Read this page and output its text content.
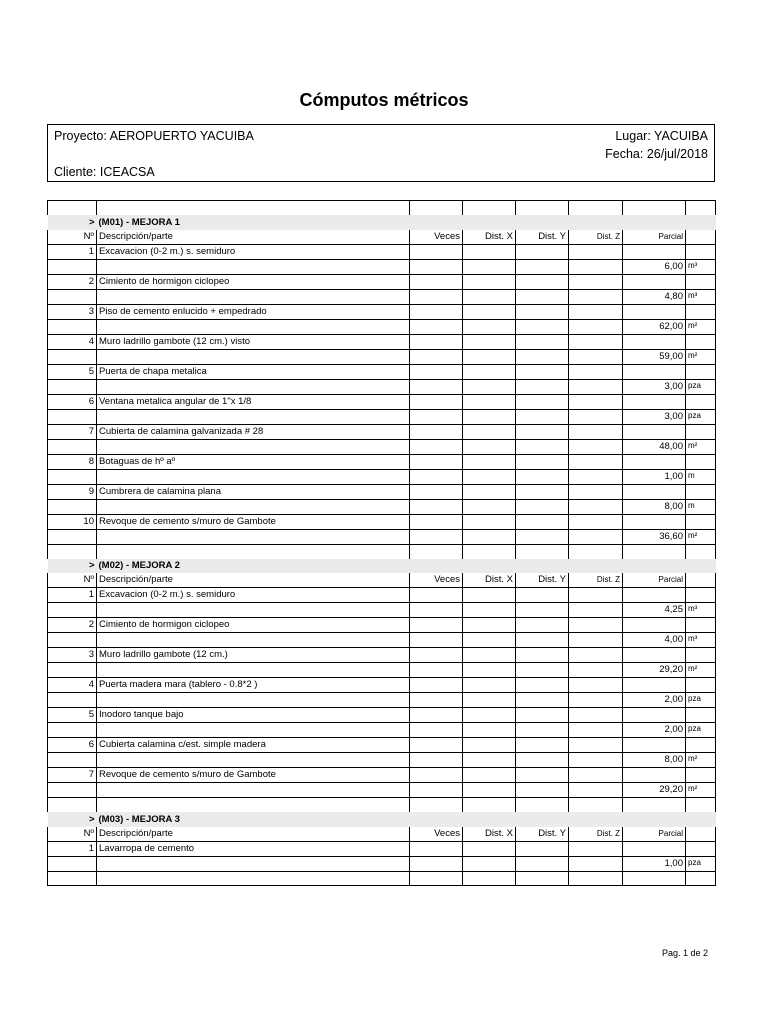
Cómputos métricos
Proyecto: AEROPUERTO YACUIBA
Cliente: ICEACSA
Lugar: YACUIBA
Fecha: 26/jul/2018

>	(M01) - MEJORA 1						
Nº	Descripción/parte	Veces	Dist. X	Dist. Y	Dist. Z	Parcial	
1	Excavacion (0-2 m.) s. semiduro						
						6,00	m³
2	Cimiento de hormigon ciclopeo						
						4,80	m³
3	Piso de cemento enlucido + empedrado						
						62,00	m²
4	Muro ladrillo gambote (12 cm.) visto						
						59,00	m²
5	Puerta de chapa metalica						
						3,00	pza
6	Ventana metalica angular de 1"x 1/8						
						3,00	pza
7	Cubierta de calamina galvanizada # 28						
						48,00	m²
8	Botaguas de hº aº						
						1,00	m
9	Cumbrera de calamina plana						
						8,00	m
10	Revoque de cemento s/muro de Gambote						
						36,60	m²

>	(M02) - MEJORA 2						
Nº	Descripción/parte	Veces	Dist. X	Dist. Y	Dist. Z	Parcial	
1	Excavacion (0-2 m.) s. semiduro						
						4,25	m³
2	Cimiento de hormigon ciclopeo						
						4,00	m³
3	Muro ladrillo gambote (12 cm.)						
						29,20	m²
4	Puerta madera mara (tablero - 0.8*2 )						
						2,00	pza
5	Inodoro tanque bajo						
						2,00	pza
6	Cubierta calamina c/est. simple madera						
						8,00	m²
7	Revoque de cemento s/muro de Gambote						
						29,20	m²

>	(M03) - MEJORA 3						
Nº	Descripción/parte	Veces	Dist. X	Dist. Y	Dist. Z	Parcial	
1	Lavarropa de cemento						
						1,00	pza

Pag. 1 de 2
